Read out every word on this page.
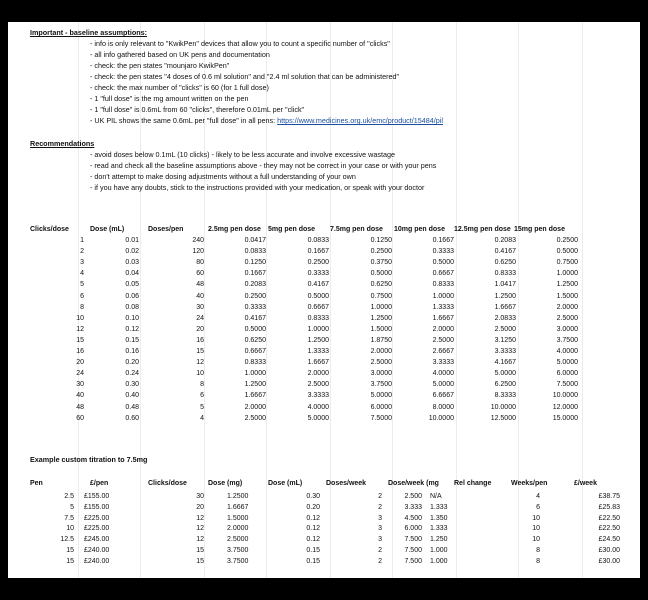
Important - baseline assumptions:
- info is only relevant to "KwikPen" devices that allow you to count a specific number of "clicks"
- all info gathered based on UK pens and documentation
- check: the pen states "mounjaro KwikPen"
- check: the pen states "4 doses of 0.6 ml solution" and "2.4 ml solution that can be administered"
- check: the max number of "clicks" is 60 (for 1 full dose)
- 1 "full dose" is the mg amount written on the pen
- 1 "full dose" is 0.6mL from 60 "clicks", therefore 0.01mL per "click"
- UK PIL shows the same 0.6mL per "full dose" in all pens: https://www.medicines.org.uk/emc/product/15484/pil
Recommendations
- avoid doses below 0.1mL (10 clicks) - likely to be less accurate and involve excessive wastage
- read and check all the baseline assumptions above - they may not be correct in your case or with your pens
- don't attempt to make dosing adjustments without a full understanding of your own
- if you have any doubts, stick to the instructions provided with your medication, or speak with your doctor
Clicks/dose	Dose (mL)	Doses/pen	2.5mg pen dose 5mg pen dose 7.5mg pen dose 10mg pen dose 12.5mg pen dose 15mg pen dose
1	0.01	240	0.0417	0.0833	0.1250	0.1667	0.2083	0.2500
2	0.02	120	0.0833	0.1667	0.2500	0.3333	0.4167	0.5000
3	0.03	80	0.1250	0.2500	0.3750	0.5000	0.6250	0.7500
4	0.04	60	0.1667	0.3333	0.5000	0.6667	0.8333	1.0000
5	0.05	48	0.2083	0.4167	0.6250	0.8333	1.0417	1.2500
6	0.06	40	0.2500	0.5000	0.7500	1.0000	1.2500	1.5000
8	0.08	30	0.3333	0.6667	1.0000	1.3333	1.6667	2.0000
10	0.10	24	0.4167	0.8333	1.2500	1.6667	2.0833	2.5000
12	0.12	20	0.5000	1.0000	1.5000	2.0000	2.5000	3.0000
15	0.15	16	0.6250	1.2500	1.8750	2.5000	3.1250	3.7500
16	0.16	15	0.6667	1.3333	2.0000	2.6667	3.3333	4.0000
20	0.20	12	0.8333	1.6667	2.5000	3.3333	4.1667	5.0000
24	0.24	10	1.0000	2.0000	3.0000	4.0000	5.0000	6.0000
30	0.30	8	1.2500	2.5000	3.7500	5.0000	6.2500	7.5000
40	0.40	6	1.6667	3.3333	5.0000	6.6667	8.3333	10.0000
48	0.48	5	2.0000	4.0000	6.0000	8.0000	10.0000	12.0000
60	0.60	4	2.5000	5.0000	7.5000	10.0000	12.5000	15.0000
Example custom titration to 7.5mg
Pen	£/pen	Clicks/dose	Dose (mg)	Dose (mL)	Doses/week	Dose/week (mg Rel change	Weeks/pen	£/week
2.5 £155.00	30	1.2500	0.30	2	2.500 N/A	4	£38.75
5 £155.00	20	1.6667	0.20	2	3.333 1.333	6	£25.83
7.5 £225.00	12	1.5000	0.12	3	4.500 1.350	10	£22.50
10 £225.00	12	2.0000	0.12	3	6.000 1.333	10	£22.50
12.5 £245.00	12	2.5000	0.12	3	7.500 1.250	10	£24.50
15 £240.00	15	3.7500	0.15	2	7.500 1.000	8	£30.00
15 £240.00	15	3.7500	0.15	2	7.500 1.000	8	£30.00
